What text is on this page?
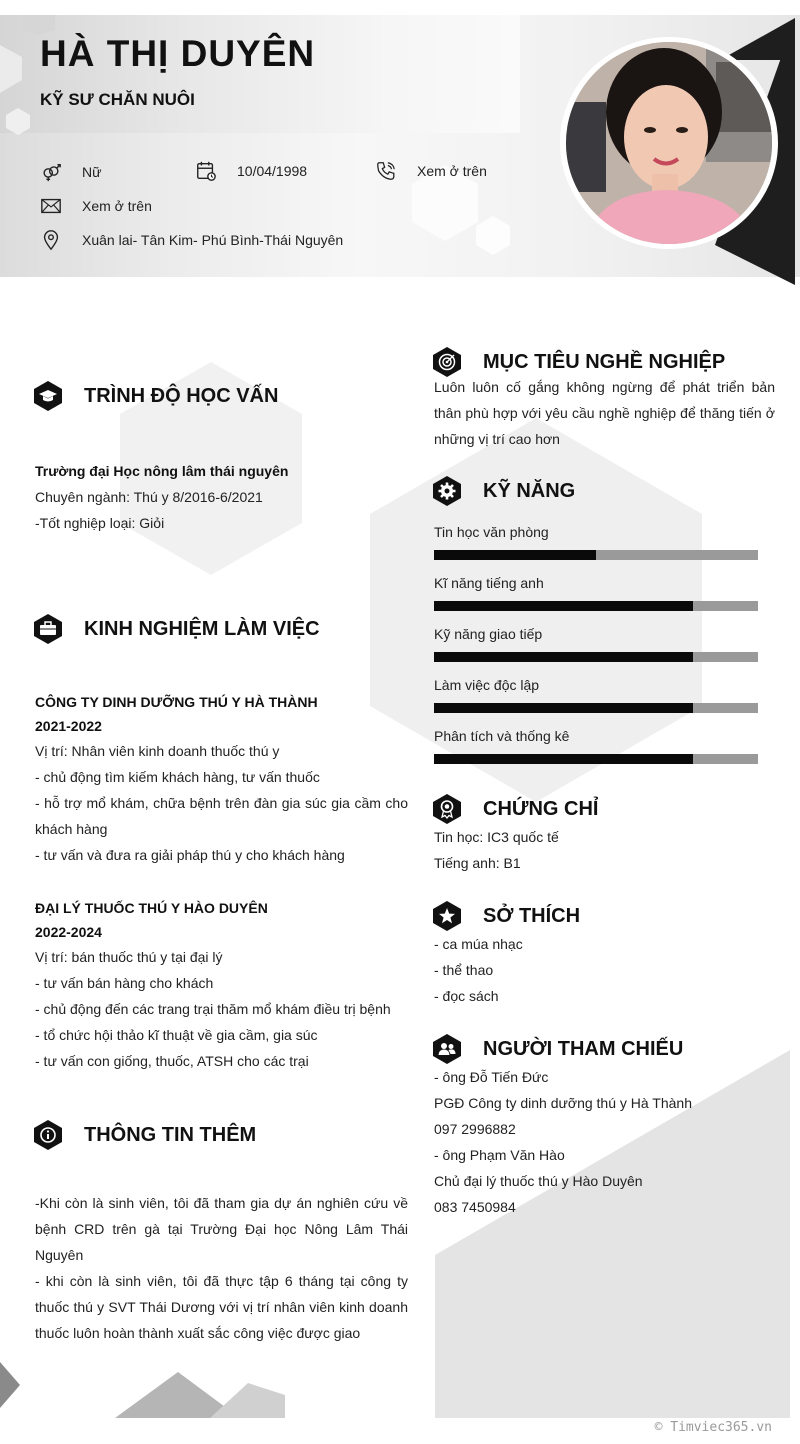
HÀ THỊ DUYÊN
KỸ SƯ CHĂN NUÔI
Nữ	10/04/1998	Xem ở trên
Xem ở trên
Xuân lai- Tân Kim- Phú Bình-Thái Nguyên
TRÌNH ĐỘ HỌC VẤN
Trường đại Học nông lâm thái nguyên
Chuyên ngành: Thú y 8/2016-6/2021
-Tốt nghiệp loại: Giỏi
KINH NGHIỆM LÀM VIỆC
CÔNG TY DINH DƯỠNG THÚ Y HÀ THÀNH
2021-2022
Vị trí: Nhân viên kinh doanh thuốc thú y
- chủ động tìm kiếm khách hàng, tư vấn thuốc
- hỗ trợ mổ khám, chữa bệnh trên đàn gia súc gia cầm cho khách hàng
- tư vấn và đưa ra giải pháp thú y cho khách hàng
ĐẠI LÝ THUỐC THÚ Y HÀO DUYÊN
2022-2024
Vị trí: bán thuốc thú y tại đại lý
- tư vấn bán hàng cho khách
- chủ động đến các trang trại thăm mổ khám điều trị bệnh
- tổ chức hội thảo kĩ thuật về gia cầm, gia súc
- tư vấn con giống, thuốc, ATSH cho các trại
THÔNG TIN THÊM
-Khi còn là sinh viên, tôi đã tham gia dự án nghiên cứu về bệnh CRD trên gà tại Trường Đại học Nông Lâm Thái Nguyên
- khi còn là sinh viên, tôi đã thực tập 6 tháng tại công ty thuốc thú y SVT Thái Dương với vị trí nhân viên kinh doanh thuốc luôn hoàn thành xuất sắc công việc được giao
MỤC TIÊU NGHỀ NGHIỆP
Luôn luôn cố gắng không ngừng để phát triển bản thân phù hợp với yêu cầu nghề nghiệp để thăng tiến ở những vị trí cao hơn
KỸ NĂNG
Tin học văn phòng
Kĩ năng tiếng anh
Kỹ năng giao tiếp
Làm việc độc lập
Phân tích và thống kê
CHỨNG CHỈ
Tin học: IC3 quốc tế
Tiếng anh: B1
SỞ THÍCH
- ca múa nhạc
- thể thao
- đọc sách
NGƯỜI THAM CHIẾU
- ông Đỗ Tiến Đức
PGĐ Công ty dinh dưỡng thú y Hà Thành
097 2996882
- ông Phạm Văn Hào
Chủ đại lý thuốc thú y Hào Duyên
083 7450984
© Timviec365.vn
